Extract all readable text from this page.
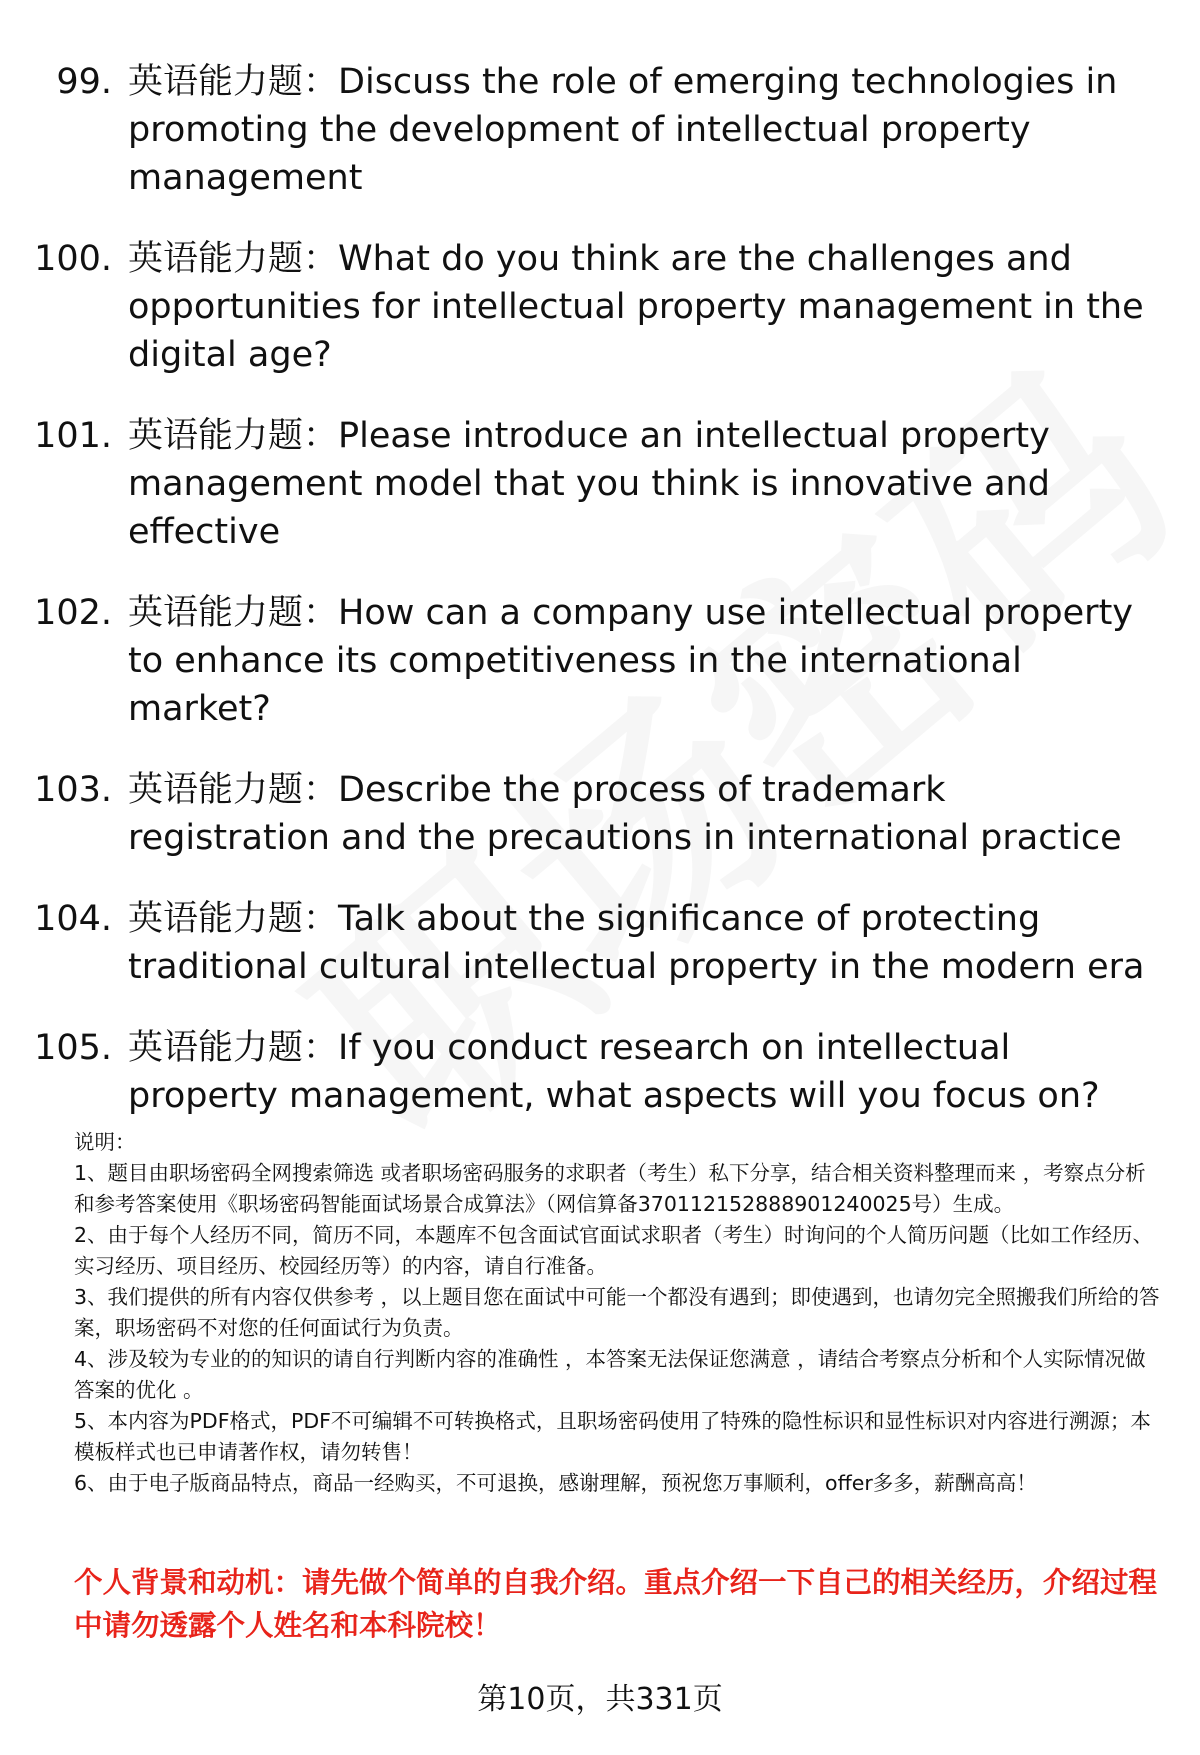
99. 英语能力题：Discuss the role of emerging technologies in promoting the development of intellectual property management
100. 英语能力题：What do you think are the challenges and opportunities for intellectual property management in the digital age?
101. 英语能力题：Please introduce an intellectual property management model that you think is innovative and effective
102. 英语能力题：How can a company use intellectual property to enhance its competitiveness in the international market?
103. 英语能力题：Describe the process of trademark registration and the precautions in international practice
104. 英语能力题：Talk about the significance of protecting traditional cultural intellectual property in the modern era
105. 英语能力题：If you conduct research on intellectual property management, what aspects will you focus on?

说明：

1、题目由职场密码全网搜索筛选 或者职场密码服务的求职者（考生）私下分享，结合相关资料整理而来 ，考察点分析和参考答案使用《职场密码智能面试场景合成算法》（网信算备370112152888901240025号）生成。

2、由于每个人经历不同，简历不同，本题库不包含面试官面试求职者（考生）时询问的个人简历问题（比如工作经历、实习经历、项目经历、校园经历等）的内容，请自行准备。

3、我们提供的所有内容仅供参考 ，以上题目您在面试中可能一个都没有遇到；即使遇到，也请勿完全照搬我们所给的答案，职场密码不对您的任何面试行为负责。

4、涉及较为专业的的知识的请自行判断内容的准确性 ，本答案无法保证您满意 ，请结合考察点分析和个人实际情况做答案的优化 。

5、本内容为PDF格式，PDF不可编辑不可转换格式，且职场密码使用了特殊的隐性标识和显性标识对内容进行溯源；本模板样式也已申请著作权，请勿转售！

6、由于电子版商品特点，商品一经购买，不可退换，感谢理解，预祝您万事顺利，offer多多，薪酬高高！

个人背景和动机：请先做个简单的自我介绍。重点介绍一下自己的相关经历，介绍过程中请勿透露个人姓名和本科院校！
第10页，共331页
